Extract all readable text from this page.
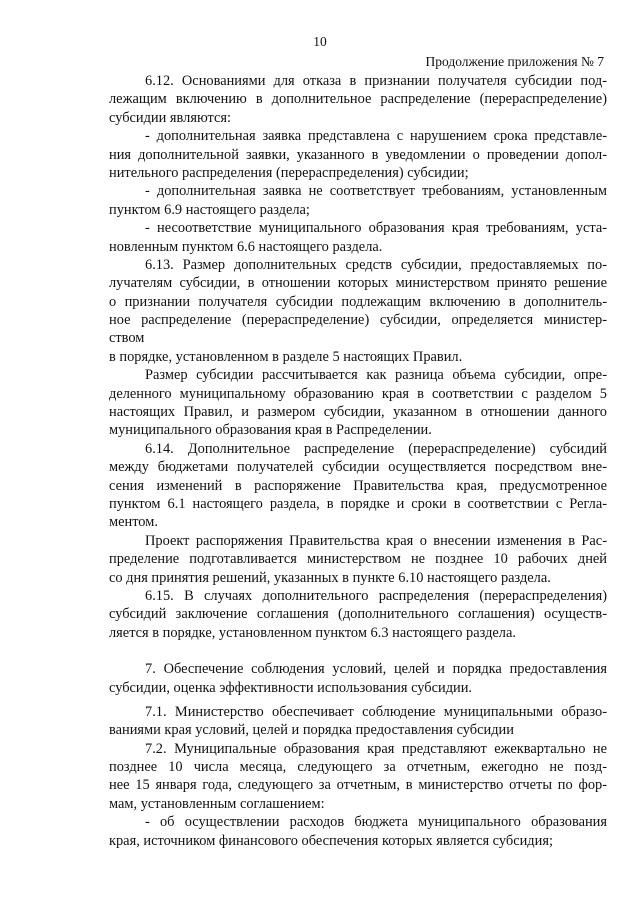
10
Продолжение приложения № 7
6.12. Основаниями для отказа в признании получателя субсидии под-
лежащим включению в дополнительное распределение (перераспределение)
субсидии являются:
- дополнительная заявка представлена с нарушением срока представле-
ния дополнительной заявки, указанного в уведомлении о проведении допол-
нительного распределения (перераспределения) субсидии;
- дополнительная заявка не соответствует требованиям, установленным
пунктом 6.9 настоящего раздела;
- несоответствие муниципального образования края требованиям, уста-
новленным пунктом 6.6 настоящего раздела.
6.13. Размер дополнительных средств субсидии, предоставляемых по-
лучателям субсидии, в отношении которых министерством принято решение
о признании получателя субсидии подлежащим включению в дополнитель-
ное распределение (перераспределение) субсидии, определяется министер-
ством
в порядке, установленном в разделе 5 настоящих Правил.
Размер субсидии рассчитывается как разница объема субсидии, опре-
деленного муниципальному образованию края в соответствии с разделом 5
настоящих Правил, и размером субсидии, указанном в отношении данного
муниципального образования края в Распределении.
6.14. Дополнительное распределение (перераспределение) субсидий
между бюджетами получателей субсидии осуществляется посредством вне-
сения изменений в распоряжение Правительства края, предусмотренное
пунктом 6.1 настоящего раздела, в порядке и сроки в соответствии с Регла-
ментом.
Проект распоряжения Правительства края о внесении изменения в Рас-
пределение подготавливается министерством не позднее 10 рабочих дней
со дня принятия решений, указанных в пункте 6.10 настоящего раздела.
6.15. В случаях дополнительного распределения (перераспределения)
субсидий заключение соглашения (дополнительного соглашения) осуществ-
ляется в порядке, установленном пунктом 6.3 настоящего раздела.
7. Обеспечение соблюдения условий, целей и порядка предоставления
субсидии, оценка эффективности использования субсидии.
7.1. Министерство обеспечивает соблюдение муниципальными образо-
ваниями края условий, целей и порядка предоставления субсидии
7.2. Муниципальные образования края представляют ежеквартально не
позднее 10 числа месяца, следующего за отчетным, ежегодно не позд-
нее 15 января года, следующего за отчетным, в министерство отчеты по фор-
мам, установленным соглашением:
- об осуществлении расходов бюджета муниципального образования
края, источником финансового обеспечения которых является субсидия;
